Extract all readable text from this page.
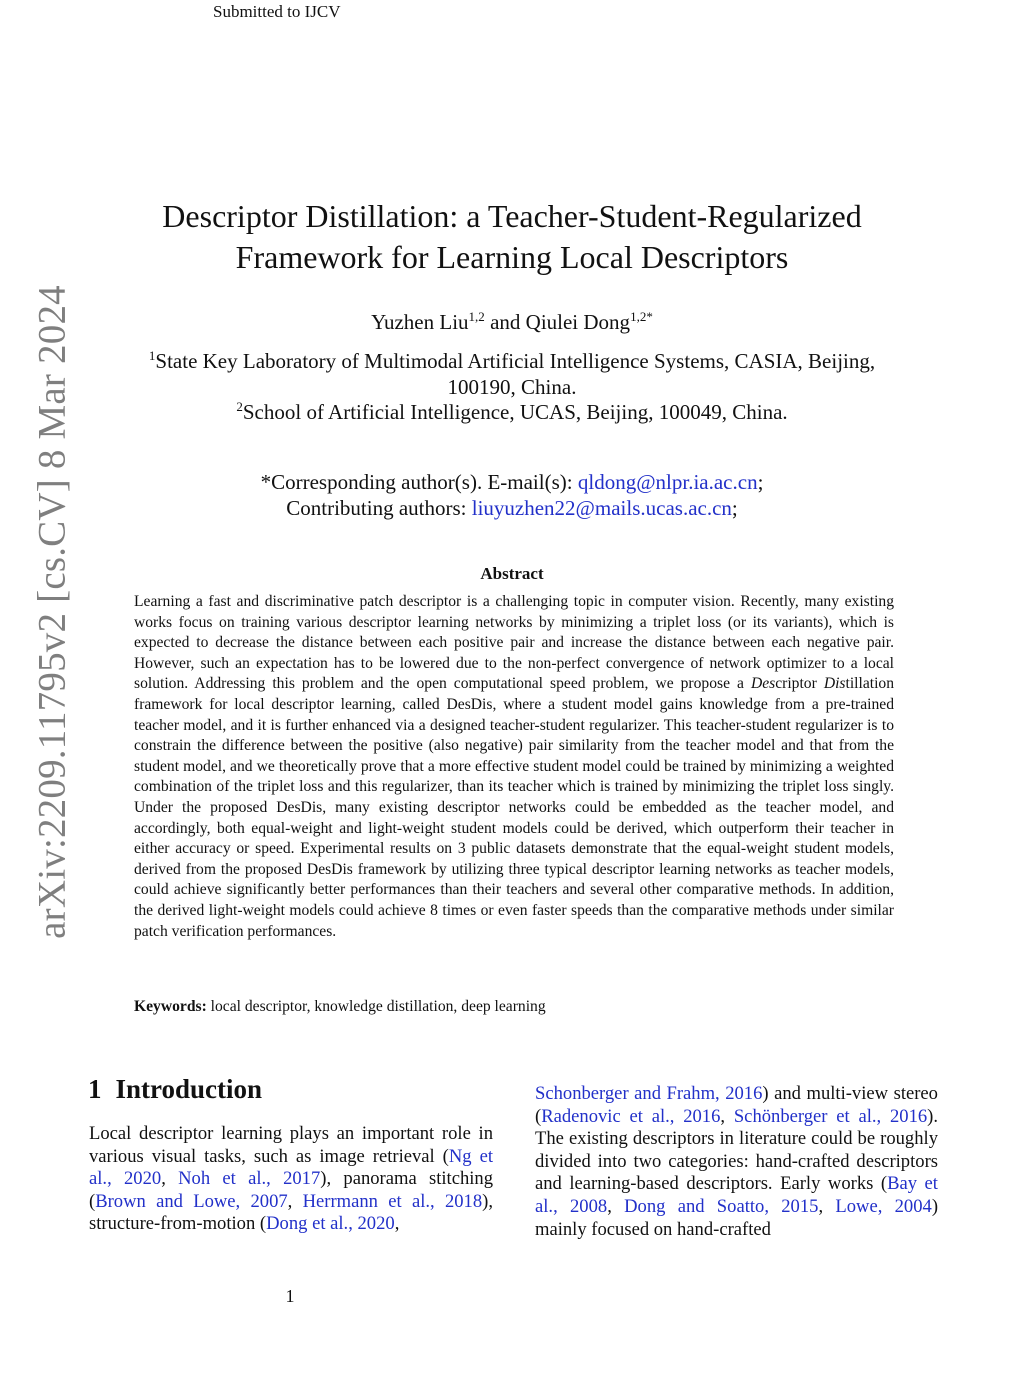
Submitted to IJCV
arXiv:2209.11795v2 [cs.CV] 8 Mar 2024
Descriptor Distillation: a Teacher-Student-Regularized
Framework for Learning Local Descriptors
Yuzhen Liu$^{1,2}$ and Qiulei Dong$^{1,2*}$
$^1$State Key Laboratory of Multimodal Artificial Intelligence Systems, CASIA, Beijing,
100190, China.
$^2$School of Artificial Intelligence, UCAS, Beijing, 100049, China.
*Corresponding author(s). E-mail(s): qldong@nlpr.ia.ac.cn;
Contributing authors: liuyuzhen22@mails.ucas.ac.cn;
Abstract
Learning a fast and discriminative patch descriptor is a challenging topic in computer vision. Recently, many existing works focus on training various descriptor learning networks by minimizing a triplet loss (or its variants), which is expected to decrease the distance between each positive pair and increase the distance between each negative pair. However, such an expectation has to be lowered due to the non-perfect convergence of network optimizer to a local solution. Addressing this problem and the open computational speed problem, we propose a Descriptor Distillation framework for local descriptor learning, called DesDis, where a student model gains knowledge from a pre-trained teacher model, and it is further enhanced via a designed teacher-student regularizer. This teacher-student regularizer is to constrain the difference between the positive (also negative) pair similarity from the teacher model and that from the student model, and we theoretically prove that a more effective student model could be trained by minimizing a weighted combination of the triplet loss and this regularizer, than its teacher which is trained by minimizing the triplet loss singly. Under the proposed DesDis, many existing descriptor networks could be embedded as the teacher model, and accordingly, both equal-weight and light-weight student models could be derived, which outperform their teacher in either accuracy or speed. Experimental results on 3 public datasets demonstrate that the equal-weight student models, derived from the proposed DesDis framework by utilizing three typical descriptor learning networks as teacher models, could achieve significantly better performances than their teachers and several other comparative methods. In addition, the derived light-weight models could achieve 8 times or even faster speeds than the comparative methods under similar patch verification performances.
Keywords: local descriptor, knowledge distillation, deep learning
1 Introduction
Local descriptor learning plays an important role in various visual tasks, such as image retrieval (Ng et al., 2020, Noh et al., 2017), panorama stitching (Brown and Lowe, 2007, Herrmann et al., 2018), structure-from-motion (Dong et al., 2020,
Schonberger and Frahm, 2016) and multi-view stereo (Radenovic et al., 2016, Schönberger et al., 2016). The existing descriptors in literature could be roughly divided into two categories: hand-crafted descriptors and learning-based descriptors. Early works (Bay et al., 2008, Dong and Soatto, 2015, Lowe, 2004) mainly focused on hand-crafted
1
